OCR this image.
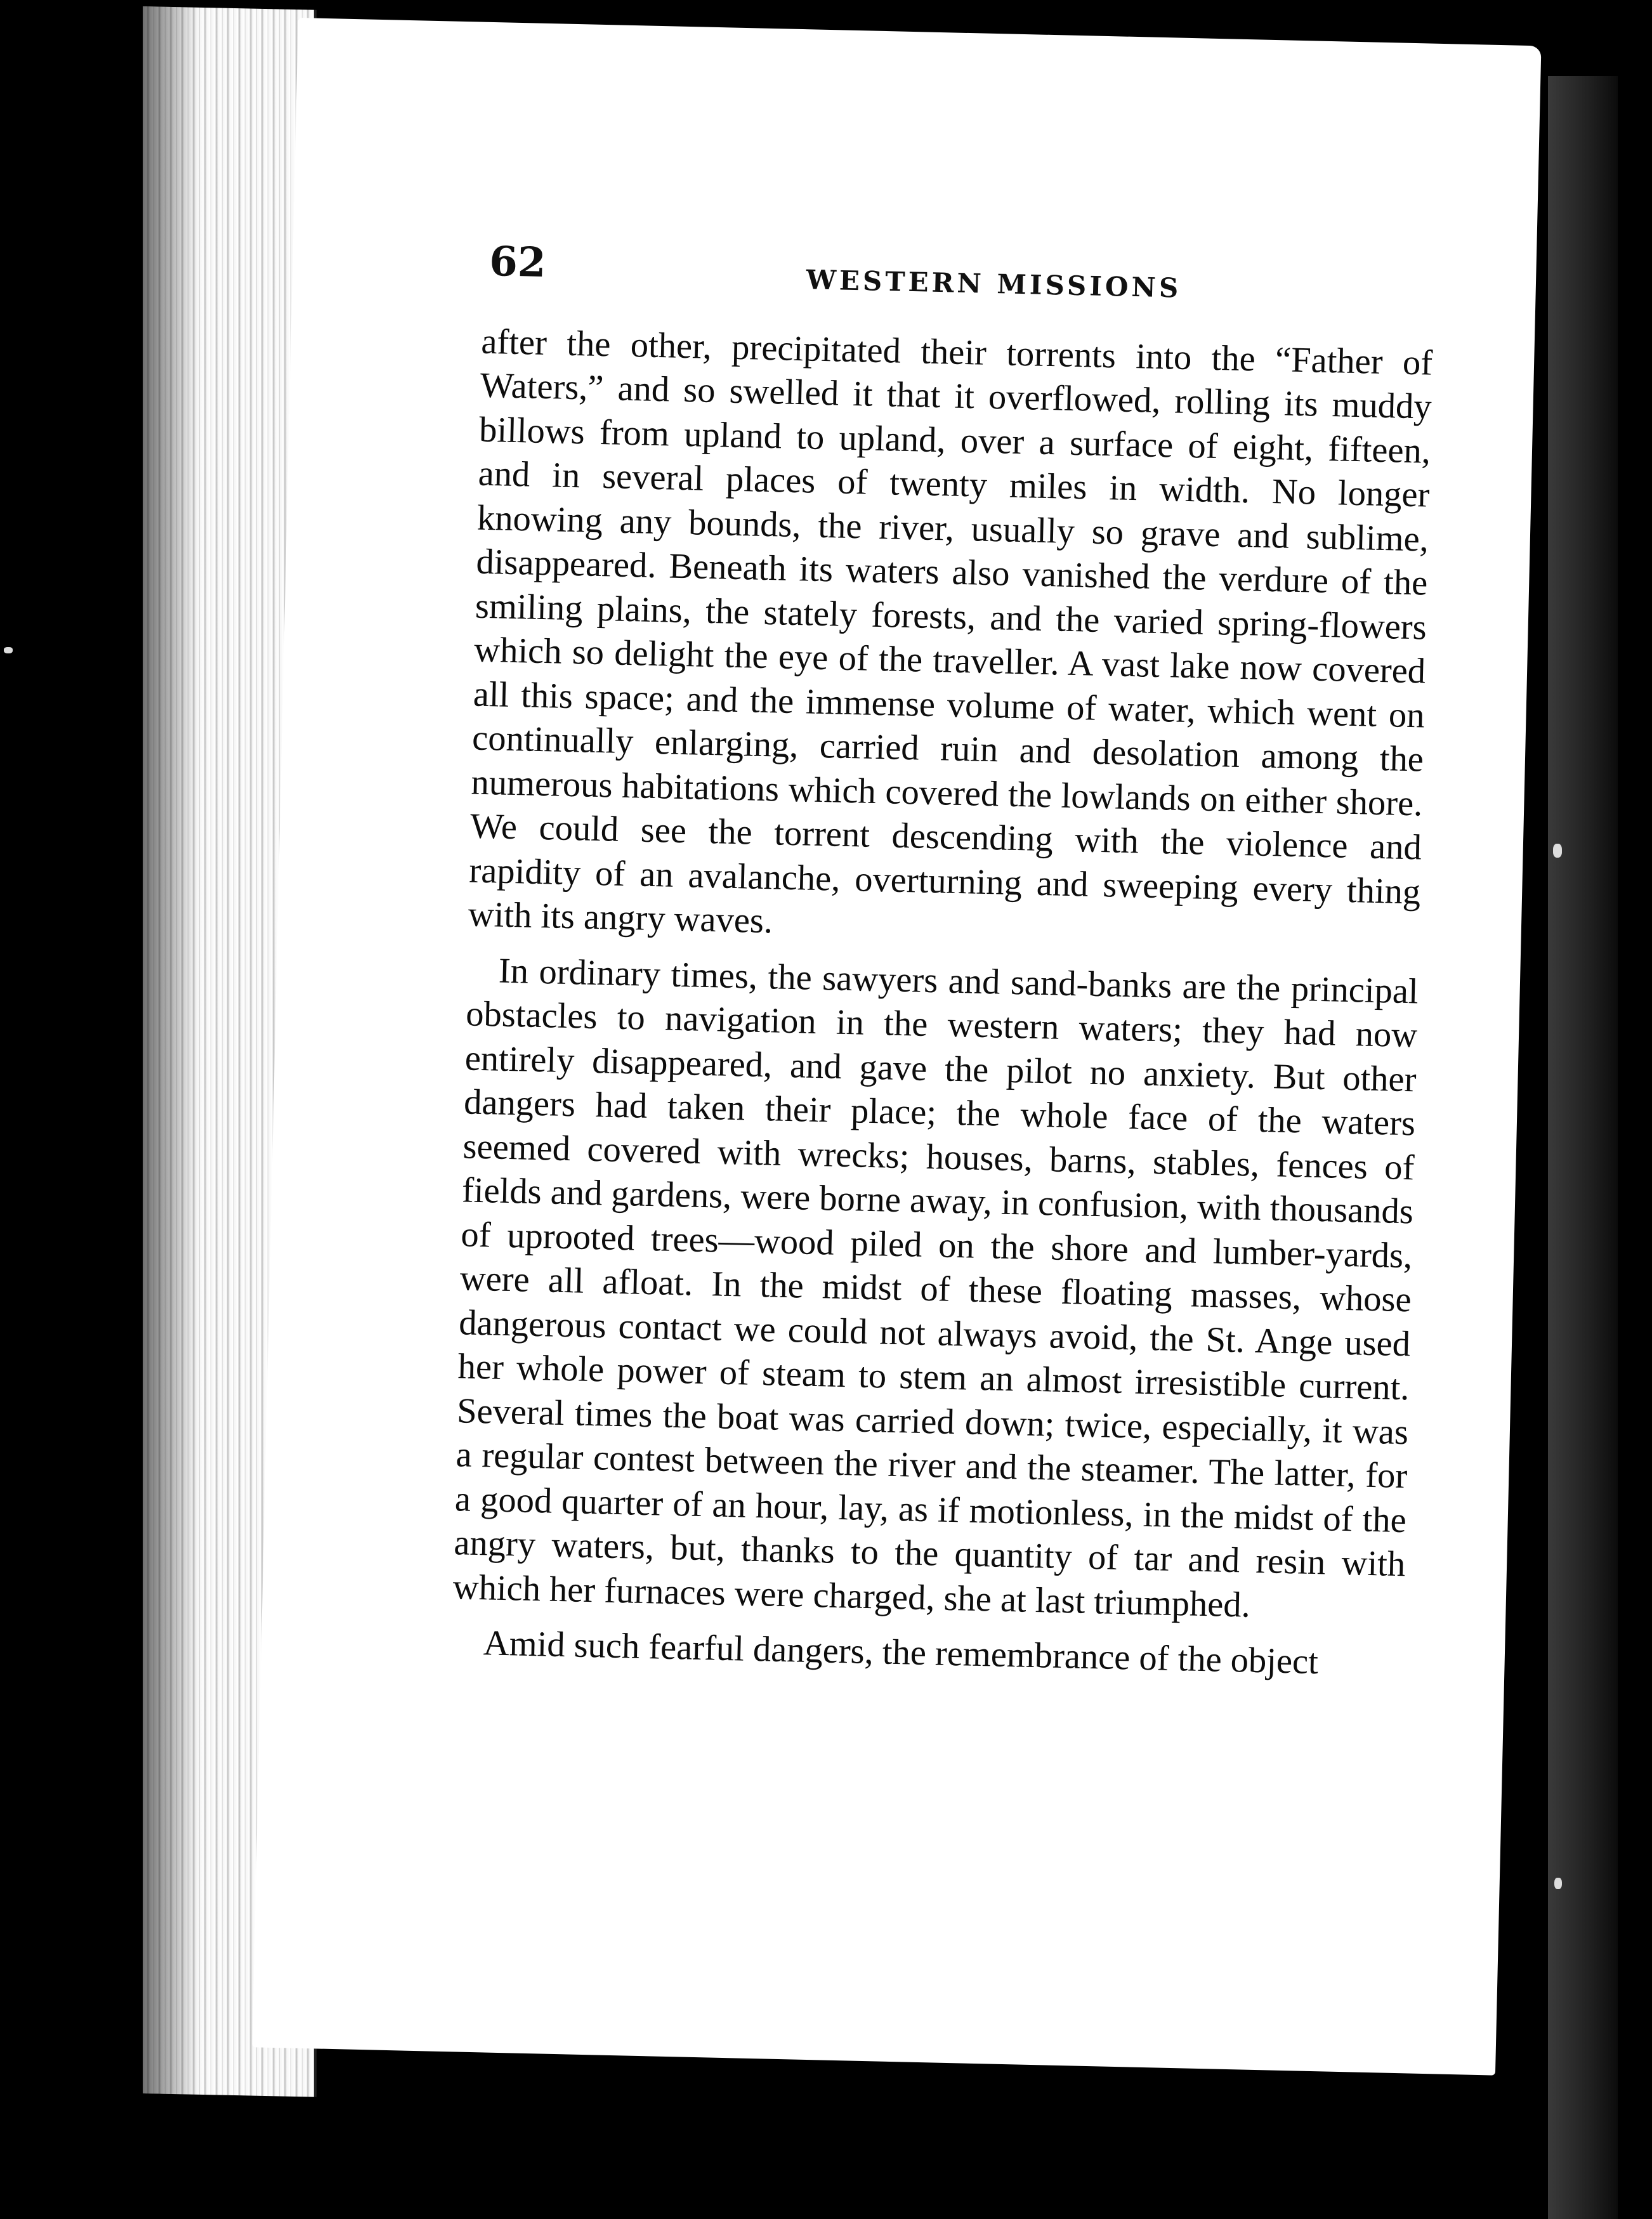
62	WESTERN MISSIONS

after the other, precipitated their torrents into the “Father of Waters,” and so swelled it that it overflowed, rolling its muddy billows from upland to upland, over a surface of eight, fifteen, and in several places of twenty miles in width. No longer knowing any bounds, the river, usually so grave and sublime, disappeared. Beneath its waters also vanished the verdure of the smiling plains, the stately forests, and the varied spring-flowers which so delight the eye of the traveller. A vast lake now covered all this space; and the immense volume of water, which went on continually enlarging, carried ruin and desolation among the numerous habitations which covered the lowlands on either shore. We could see the torrent descending with the violence and rapidity of an avalanche, overturning and sweeping every thing with its angry waves.

In ordinary times, the sawyers and sand-banks are the principal obstacles to navigation in the western waters; they had now entirely disappeared, and gave the pilot no anxiety. But other dangers had taken their place; the whole face of the waters seemed covered with wrecks; houses, barns, stables, fences of fields and gardens, were borne away, in confusion, with thousands of uprooted trees—wood piled on the shore and lumber-yards, were all afloat. In the midst of these floating masses, whose dangerous contact we could not always avoid, the St. Ange used her whole power of steam to stem an almost irresistible current. Several times the boat was carried down; twice, especially, it was a regular contest between the river and the steamer. The latter, for a good quarter of an hour, lay, as if motionless, in the midst of the angry waters, but, thanks to the quantity of tar and resin with which her furnaces were charged, she at last triumphed.

Amid such fearful dangers, the remembrance of the object
